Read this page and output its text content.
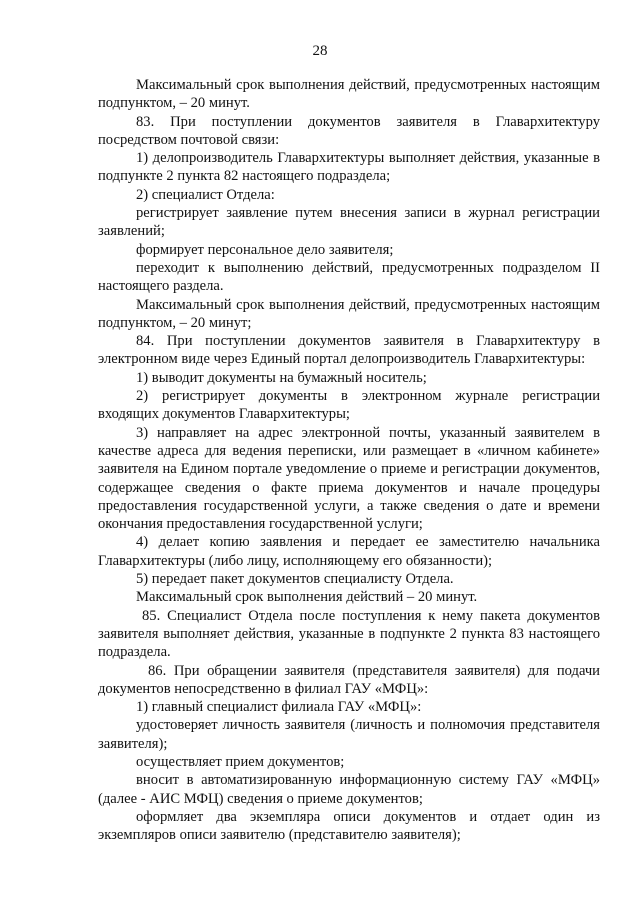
28

Максимальный срок выполнения действий, предусмотренных настоящим подпунктом, – 20 минут.

83. При поступлении документов заявителя в Главархитектуру посредством почтовой связи:

1) делопроизводитель Главархитектуры выполняет действия, указанные в подпункте 2 пункта 82 настоящего подраздела;

2) специалист Отдела:

регистрирует заявление путем внесения записи в журнал регистрации заявлений;

формирует персональное дело заявителя;

переходит к выполнению действий, предусмотренных подразделом II настоящего раздела.

Максимальный срок выполнения действий, предусмотренных настоящим подпунктом, – 20 минут;

84. При поступлении документов заявителя в Главархитектуру в электронном виде через Единый портал делопроизводитель Главархитектуры:

1) выводит документы на бумажный носитель;

2) регистрирует документы в электронном журнале регистрации входящих документов Главархитектуры;

3) направляет на адрес электронной почты, указанный заявителем в качестве адреса для ведения переписки, или размещает в «личном кабинете» заявителя на Едином портале уведомление о приеме и регистрации документов, содержащее сведения о факте приема документов и начале процедуры предоставления государственной услуги, а также сведения о дате и времени окончания предоставления государственной услуги;

4) делает копию заявления и передает ее заместителю начальника Главархитектуры (либо лицу, исполняющему его обязанности);

5) передает пакет документов специалисту Отдела.

Максимальный срок выполнения действий – 20 минут.

85. Специалист Отдела после поступления к нему пакета документов заявителя выполняет действия, указанные в подпункте 2 пункта 83 настоящего подраздела.

86. При обращении заявителя (представителя заявителя) для подачи документов непосредственно в филиал ГАУ «МФЦ»:

1) главный специалист филиала ГАУ «МФЦ»:

удостоверяет личность заявителя (личность и полномочия представителя заявителя);

осуществляет прием документов;

вносит в автоматизированную информационную систему ГАУ «МФЦ» (далее - АИС МФЦ) сведения о приеме документов;

оформляет два экземпляра описи документов и отдает один из экземпляров описи заявителю (представителю заявителя);
